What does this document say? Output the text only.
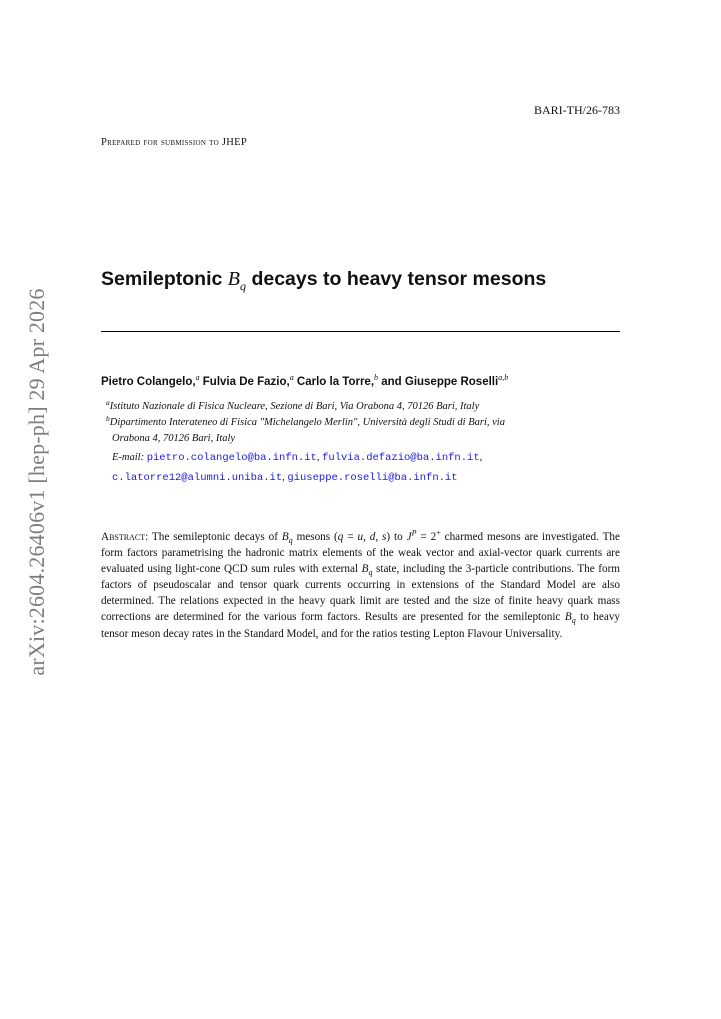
arXiv:2604.26406v1 [hep-ph] 29 Apr 2026
BARI-TH/26-783
Prepared for submission to JHEP
Semileptonic $B_q$ decays to heavy tensor mesons
Pietro Colangelo,$^a$ Fulvia De Fazio,$^a$ Carlo la Torre,$^b$ and Giuseppe Roselli$^{a,b}$
$^a$Istituto Nazionale di Fisica Nucleare, Sezione di Bari, Via Orabona 4, 70126 Bari, Italy
$^b$Dipartimento Interateneo di Fisica "Michelangelo Merlin", Università degli Studi di Bari, via
Orabona 4, 70126 Bari, Italy
E-mail: pietro.colangelo@ba.infn.it, fulvia.defazio@ba.infn.it,
c.latorre12@alumni.uniba.it, giuseppe.roselli@ba.infn.it

Abstract: The semileptonic decays of $B_q$ mesons (q = u, d, s) to $J^P = 2^+$ charmed mesons are investigated. The form factors parametrising the hadronic matrix elements of the weak vector and axial-vector quark currents are evaluated using light-cone QCD sum rules with external $B_q$ state, including the 3-particle contributions. The form factors of pseudoscalar and tensor quark currents occurring in extensions of the Standard Model are also determined. The relations expected in the heavy quark limit are tested and the size of finite heavy quark mass corrections are determined for the various form factors. Results are presented for the semileptonic $B_q$ to heavy tensor meson decay rates in the Standard Model, and for the ratios testing Lepton Flavour Universality.
